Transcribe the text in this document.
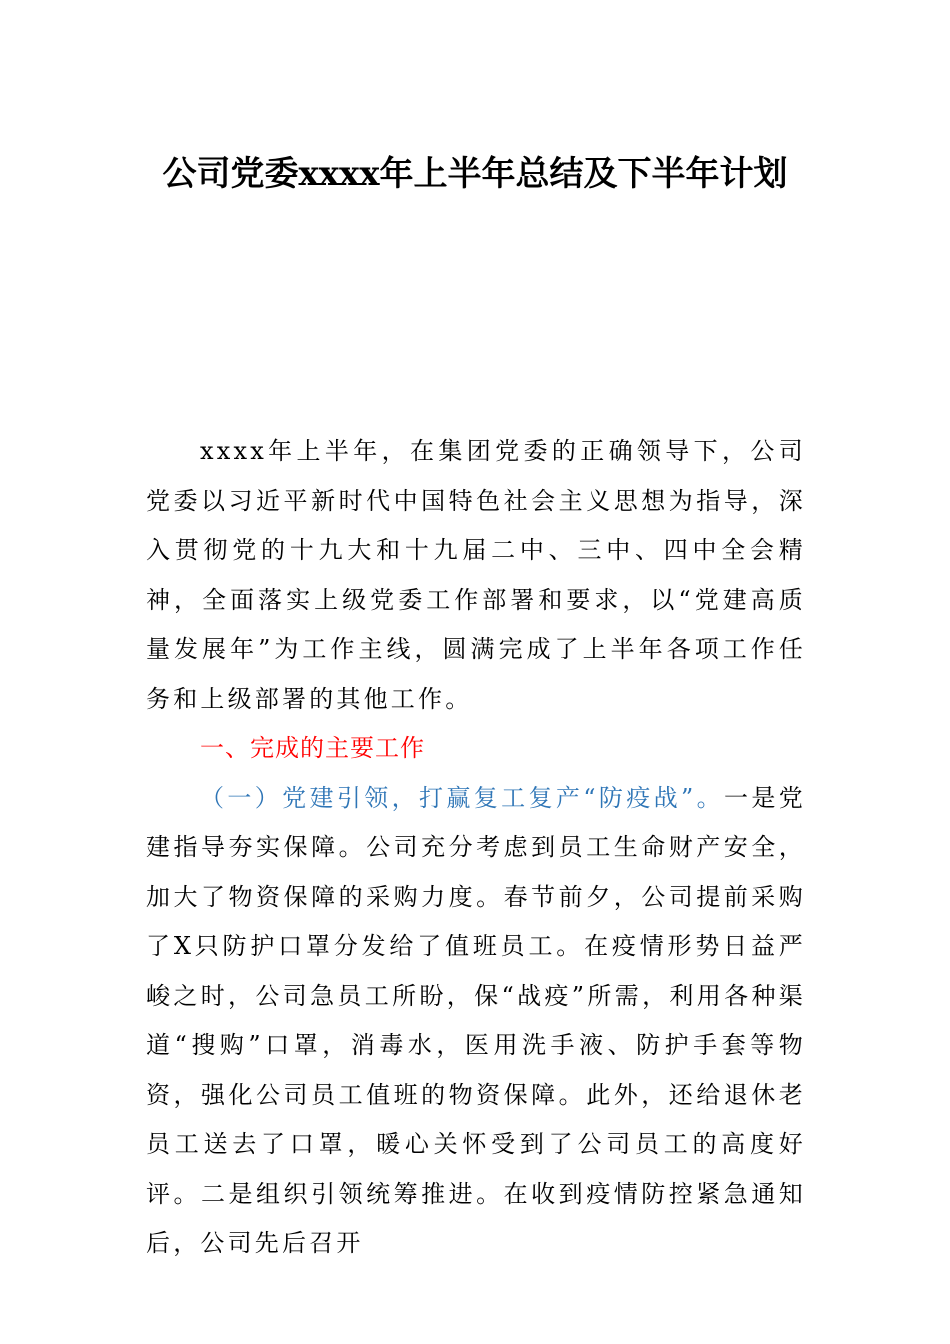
公司党委xxxx年上半年总结及下半年计划

xxxx年上半年，在集团党委的正确领导下，公司党委以习近平新时代中国特色社会主义思想为指导，深入贯彻党的十九大和十九届二中、三中、四中全会精神，全面落实上级党委工作部署和要求，以“党建高质量发展年”为工作主线，圆满完成了上半年各项工作任务和上级部署的其他工作。

一、完成的主要工作

（一）党建引领，打赢复工复产“防疫战”。一是党建指导夯实保障。公司充分考虑到员工生命财产安全，加大了物资保障的采购力度。春节前夕，公司提前采购了X只防护口罩分发给了值班员工。在疫情形势日益严峻之时，公司急员工所盼，保“战疫”所需，利用各种渠道“搜购”口罩，消毒水，医用洗手液、防护手套等物资，强化公司员工值班的物资保障。此外，还给退休老员工送去了口罩，暖心关怀受到了公司员工的高度好评。二是组织引领统筹推进。在收到疫情防控紧急通知后，公司先后召开
